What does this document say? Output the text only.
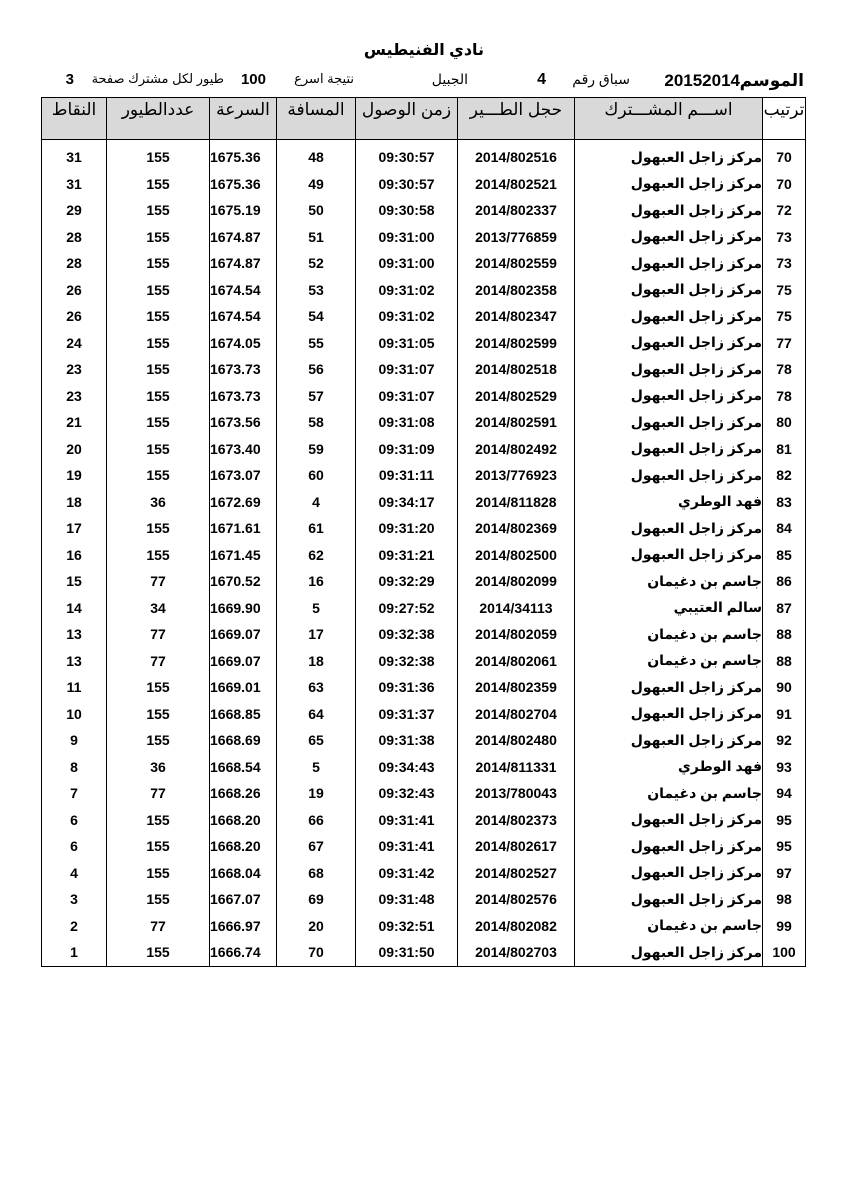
نادي الفنيطيس
الموسم
20152014
سباق رقم
4
الجبيل
نتيجة اسرع
100
طيور لكل مشترك صفحة
3
ترتيب	اســـم المشـــترك	حجل الطـــير	زمن الوصول	المسافة	السرعة	عددالطيور	النقاط

70	مركز زاجل العبهول	2014/802516	09:30:57	48	1675.36	155	31
70	مركز زاجل العبهول	2014/802521	09:30:57	49	1675.36	155	31
72	مركز زاجل العبهول	2014/802337	09:30:58	50	1675.19	155	29
73	مركز زاجل العبهول	2013/776859	09:31:00	51	1674.87	155	28
73	مركز زاجل العبهول	2014/802559	09:31:00	52	1674.87	155	28
75	مركز زاجل العبهول	2014/802358	09:31:02	53	1674.54	155	26
75	مركز زاجل العبهول	2014/802347	09:31:02	54	1674.54	155	26
77	مركز زاجل العبهول	2014/802599	09:31:05	55	1674.05	155	24
78	مركز زاجل العبهول	2014/802518	09:31:07	56	1673.73	155	23
78	مركز زاجل العبهول	2014/802529	09:31:07	57	1673.73	155	23
80	مركز زاجل العبهول	2014/802591	09:31:08	58	1673.56	155	21
81	مركز زاجل العبهول	2014/802492	09:31:09	59	1673.40	155	20
82	مركز زاجل العبهول	2013/776923	09:31:11	60	1673.07	155	19
83	فهد الوطري	2014/811828	09:34:17	4	1672.69	36	18
84	مركز زاجل العبهول	2014/802369	09:31:20	61	1671.61	155	17
85	مركز زاجل العبهول	2014/802500	09:31:21	62	1671.45	155	16
86	جاسم بن دغيمان	2014/802099	09:32:29	16	1670.52	77	15
87	سالم العتيبي	2014/34113	09:27:52	5	1669.90	34	14
88	جاسم بن دغيمان	2014/802059	09:32:38	17	1669.07	77	13
88	جاسم بن دغيمان	2014/802061	09:32:38	18	1669.07	77	13
90	مركز زاجل العبهول	2014/802359	09:31:36	63	1669.01	155	11
91	مركز زاجل العبهول	2014/802704	09:31:37	64	1668.85	155	10
92	مركز زاجل العبهول	2014/802480	09:31:38	65	1668.69	155	9
93	فهد الوطري	2014/811331	09:34:43	5	1668.54	36	8
94	جاسم بن دغيمان	2013/780043	09:32:43	19	1668.26	77	7
95	مركز زاجل العبهول	2014/802373	09:31:41	66	1668.20	155	6
95	مركز زاجل العبهول	2014/802617	09:31:41	67	1668.20	155	6
97	مركز زاجل العبهول	2014/802527	09:31:42	68	1668.04	155	4
98	مركز زاجل العبهول	2014/802576	09:31:48	69	1667.07	155	3
99	جاسم بن دغيمان	2014/802082	09:32:51	20	1666.97	77	2
100	مركز زاجل العبهول	2014/802703	09:31:50	70	1666.74	155	1
